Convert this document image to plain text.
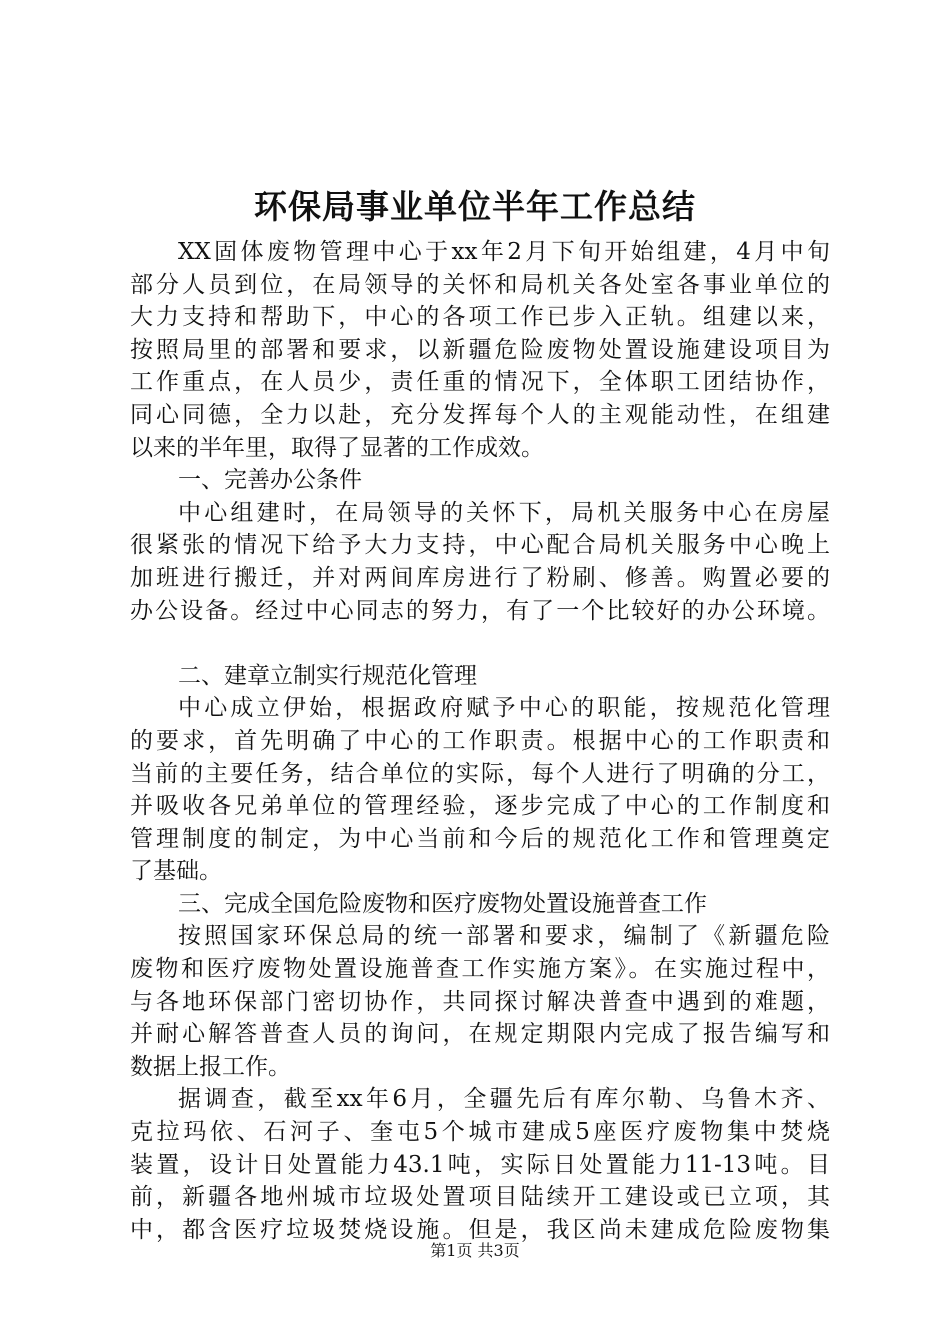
环保局事业单位半年工作总结
XX固体废物管理中心于xx年2月下旬开始组建，4月中旬
部分人员到位，在局领导的关怀和局机关各处室各事业单位的
大力支持和帮助下，中心的各项工作已步入正轨。组建以来，
按照局里的部署和要求，以新疆危险废物处置设施建设项目为
工作重点，在人员少，责任重的情况下，全体职工团结协作，
同心同德，全力以赴，充分发挥每个人的主观能动性，在组建
以来的半年里，取得了显著的工作成效。
一、完善办公条件
中心组建时，在局领导的关怀下，局机关服务中心在房屋
很紧张的情况下给予大力支持，中心配合局机关服务中心晚上
加班进行搬迁，并对两间库房进行了粉刷、修善。购置必要的
办公设备。经过中心同志的努力，有了一个比较好的办公环境。
二、建章立制实行规范化管理
中心成立伊始，根据政府赋予中心的职能，按规范化管理
的要求，首先明确了中心的工作职责。根据中心的工作职责和
当前的主要任务，结合单位的实际，每个人进行了明确的分工，
并吸收各兄弟单位的管理经验，逐步完成了中心的工作制度和
管理制度的制定，为中心当前和今后的规范化工作和管理奠定
了基础。
三、完成全国危险废物和医疗废物处置设施普查工作
按照国家环保总局的统一部署和要求，编制了《新疆危险
废物和医疗废物处置设施普查工作实施方案》。在实施过程中，
与各地环保部门密切协作，共同探讨解决普查中遇到的难题，
并耐心解答普查人员的询问，在规定期限内完成了报告编写和
数据上报工作。
据调查，截至xx年6月，全疆先后有库尔勒、乌鲁木齐、
克拉玛依、石河子、奎屯5个城市建成5座医疗废物集中焚烧
装置，设计日处置能力43.1吨，实际日处置能力11-13吨。目
前，新疆各地州城市垃圾处置项目陆续开工建设或已立项，其
中，都含医疗垃圾焚烧设施。但是，我区尚未建成危险废物集
第1页 共3页
